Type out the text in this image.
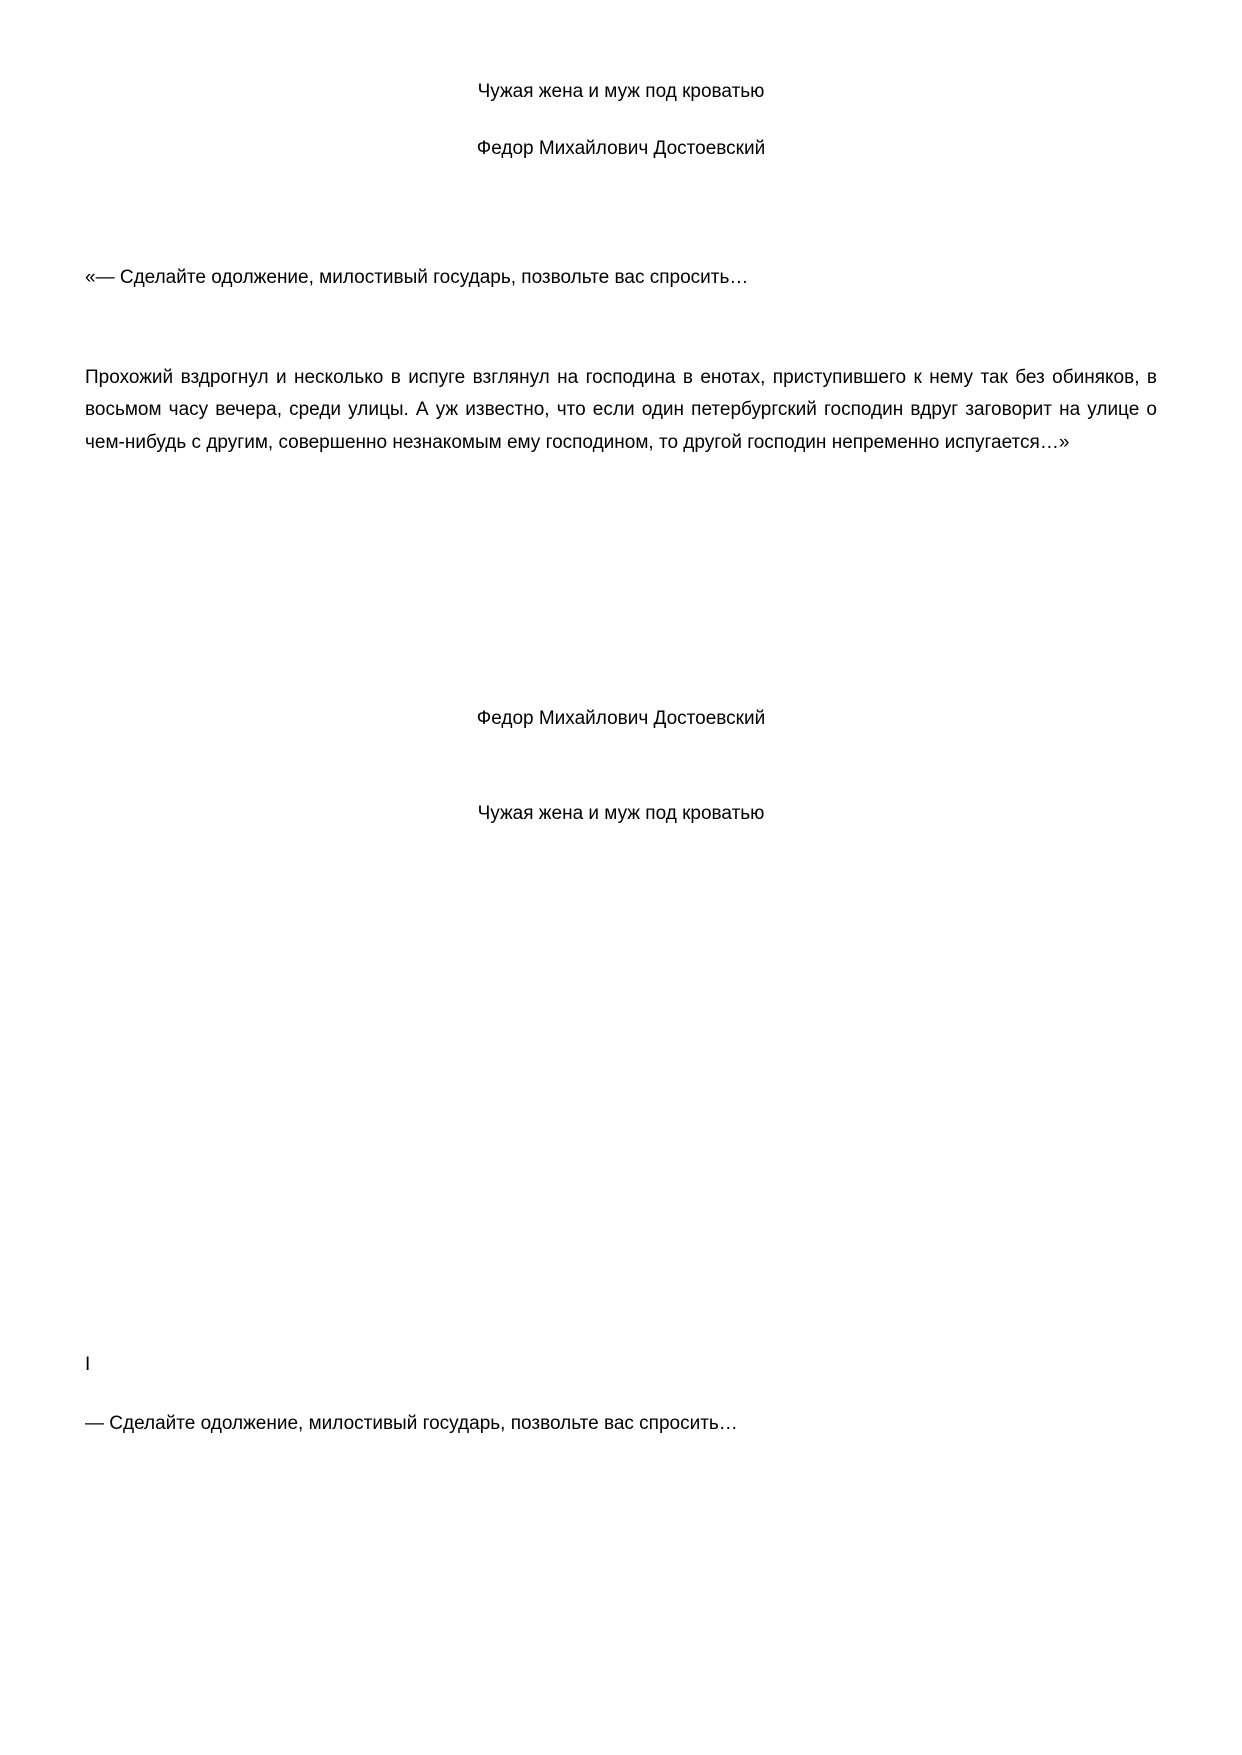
Чужая жена и муж под кроватью
Федор Михайлович Достоевский
«— Сделайте одолжение, милостивый государь, позвольте вас спросить…
Прохожий вздрогнул и несколько в испуге взглянул на господина в енотах, приступившего к нему так без обиняков, в восьмом часу вечера, среди улицы. А уж известно, что если один петербургский господин вдруг заговорит на улице о чем-нибудь с другим, совершенно незнакомым ему господином, то другой господин непременно испугается…»
Федор Михайлович Достоевский
Чужая жена и муж под кроватью
I
— Сделайте одолжение, милостивый государь, позвольте вас спросить…
